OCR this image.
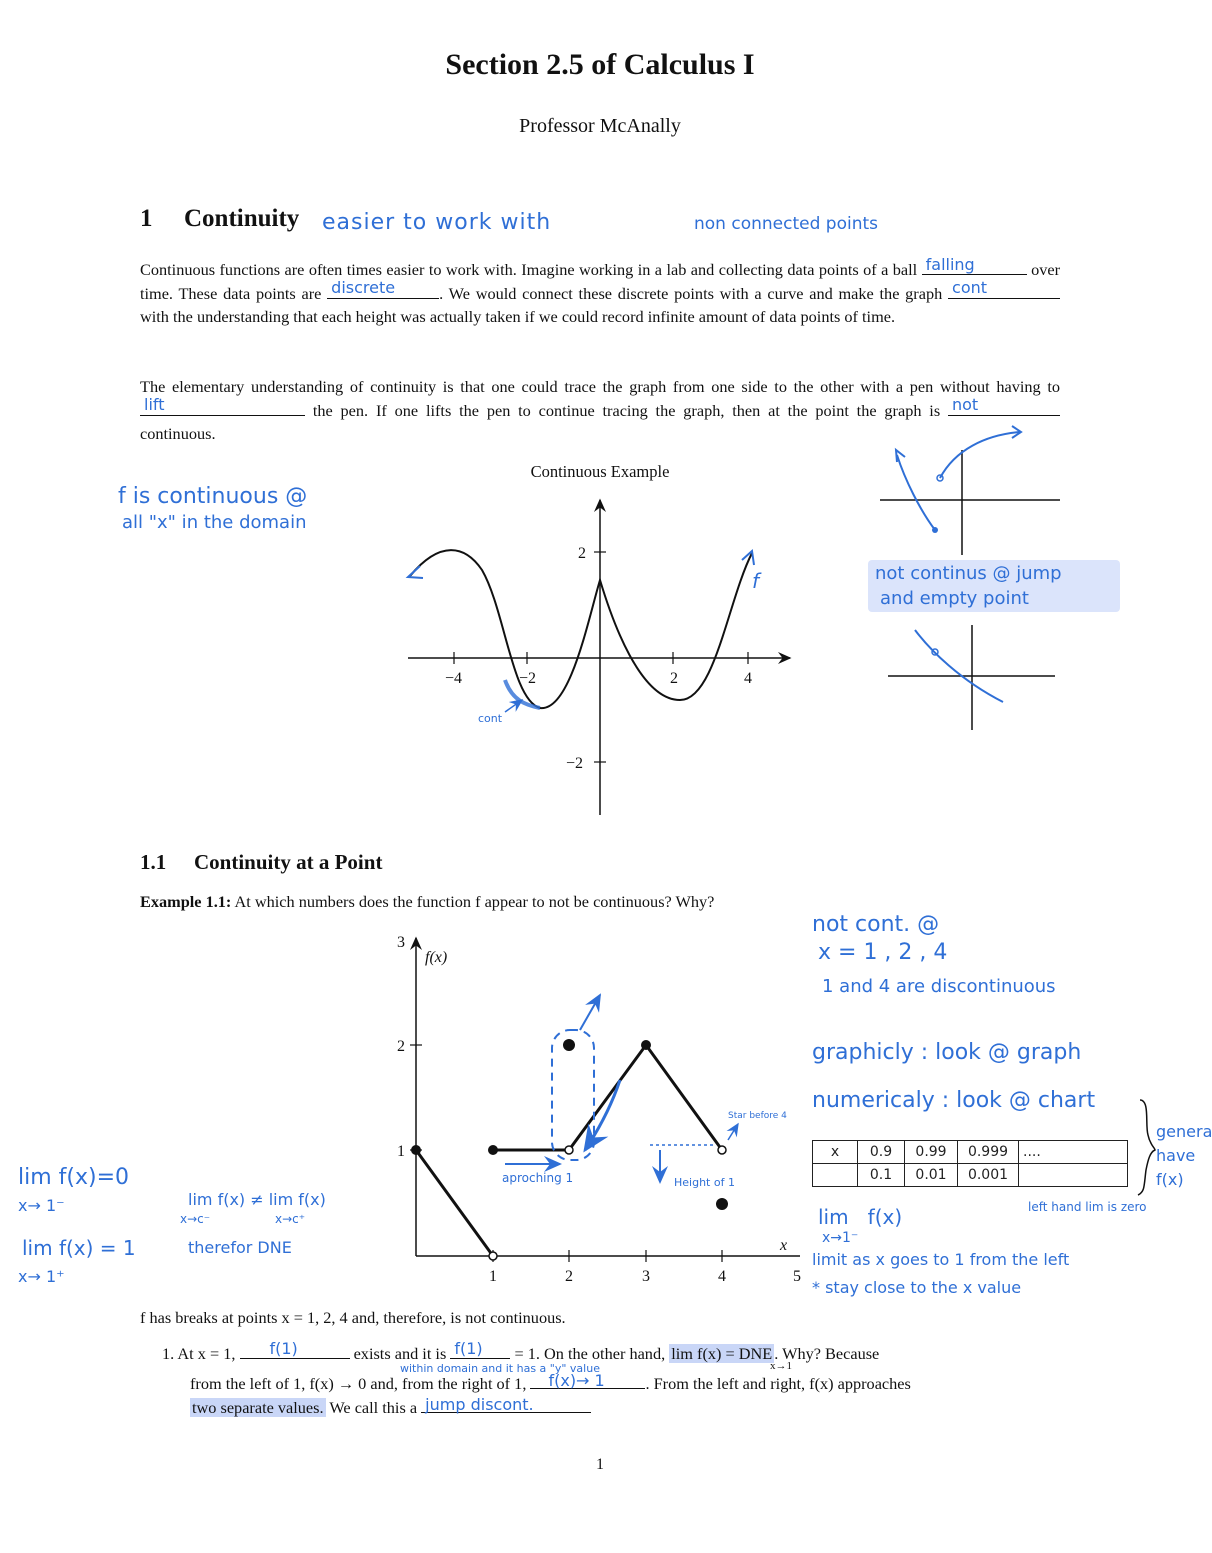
Section 2.5 of Calculus I
Professor McAnally
1 Continuity easier to work with	non connected points
Continuous functions are often times easier to work with. Imagine working in a lab and collecting data points of a ball falling	over time. These data points are discrete	. We would connect these discrete points with a curve and make the graph cont
with the understanding that each height was actually taken if we could record infinite amount of data points of time.
The elementary understanding of continuity is that one could trace the graph from one side to the other with a pen without having to
lift	the pen. If one lifts the pen to continue tracing the graph, then at the point the graph is not
continuous.
Continuous Example
−4	−2	2	4
2
−2
f
cont
f is continuous @
all "x" in the domain
not continus @ jump
and empty point
1.1 Continuity at a Point
Example 1.1: At which numbers does the function f appear to not be continuous? Why?
1	2	3	4	5
1
2
3
f(x)
x
aproching 1	Height of 1
Star before 4
not cont. @
x = 1 , 2 , 4
1 and 4 are discontinuous
graphicly : look @ graph
numericaly : look @ chart
genera
have
f(x)
x	0.9	0.99	0.999	....
	0.1	0.01	0.001	
left hand lim is zero
lim   f(x)
x→1⁻
limit as x goes to 1 from the left
* stay close to the x value
lim f(x)=0
x→ 1⁻
lim f(x) = 1
x→ 1⁺
lim f(x) ≠ lim f(x)
x→c⁻	x→c⁺
therefor DNE
f has breaks at points x = 1, 2, 4 and, therefore, is not continuous.
1. At x = 1, f(1)	exists and it is f(1) = 1. On the other hand, lim f(x) = DNE . Why? Because
x→1
within domain and it has a "y" value
from the left of 1, f(x) → 0 and, from the right of 1, f(x)→ 1 . From the left and right, f(x) approaches
two separate values. We call this a jump discont.
1
